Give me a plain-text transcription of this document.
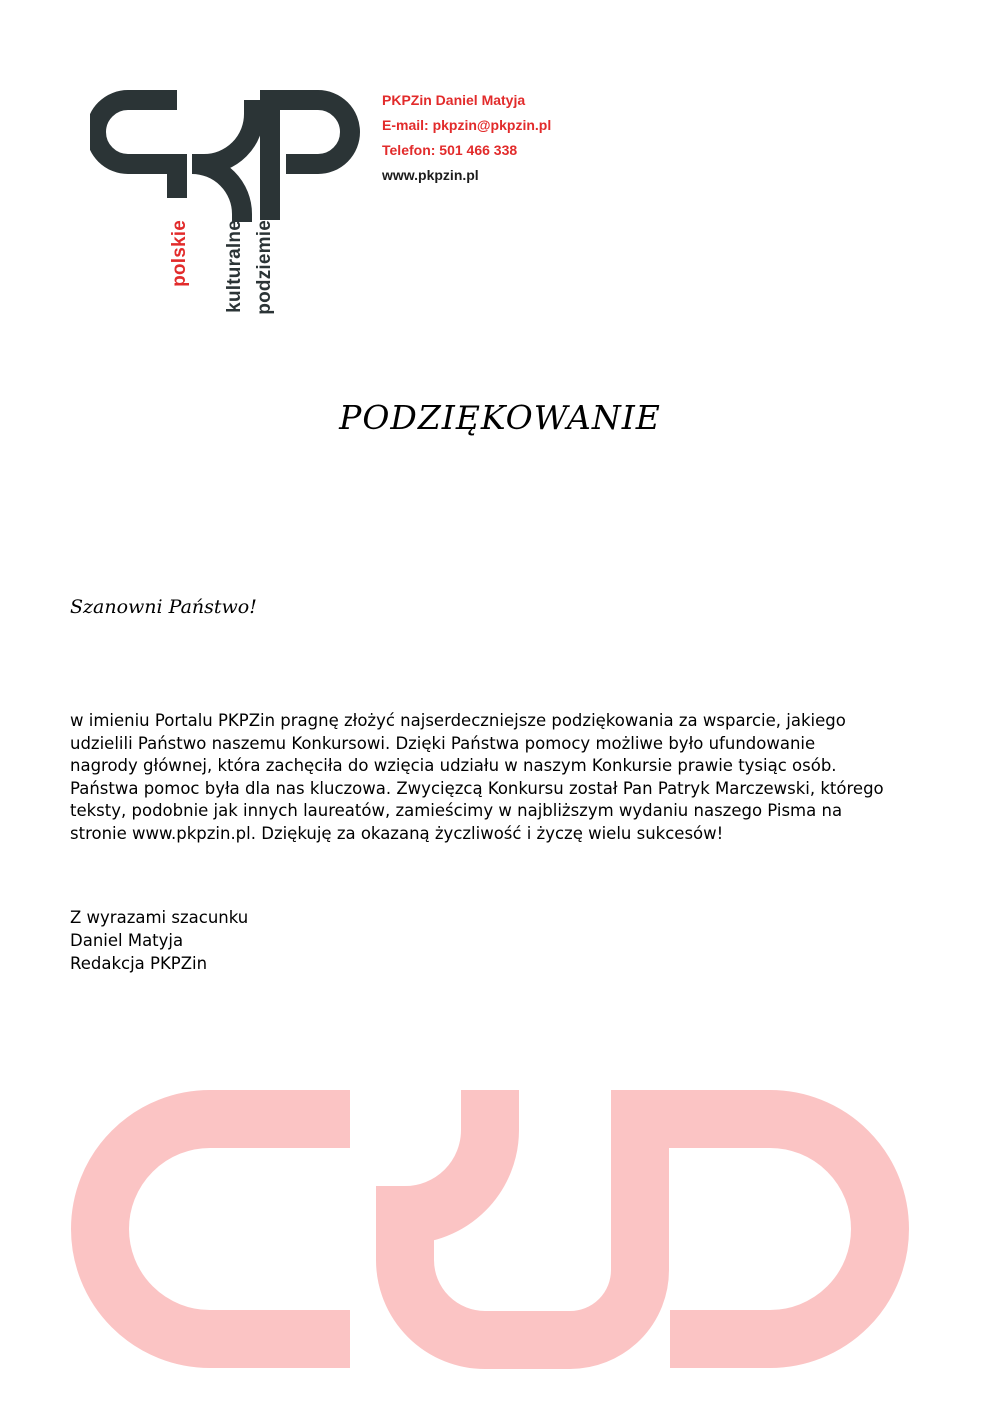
polskie kulturalne podziemie
PKPZin Daniel Matyja
E-mail: pkpzin@pkpzin.pl
Telefon: 501 466 338
www.pkpzin.pl
PODZIĘKOWANIE
Szanowni Państwo!
w imieniu Portalu PKPZin pragnę złożyć najserdeczniejsze podziękowania za wsparcie, jakiego
udzielili Państwo naszemu Konkursowi. Dzięki Państwa pomocy możliwe było ufundowanie
nagrody głównej, która zachęciła do wzięcia udziału w naszym Konkursie prawie tysiąc osób.
Państwa pomoc była dla nas kluczowa. Zwycięzcą Konkursu został Pan Patryk Marczewski, którego
teksty, podobnie jak innych laureatów, zamieścimy w najbliższym wydaniu naszego Pisma na
stronie www.pkpzin.pl. Dziękuję za okazaną życzliwość i życzę wielu sukcesów!
Z wyrazami szacunku
Daniel Matyja
Redakcja PKPZin
